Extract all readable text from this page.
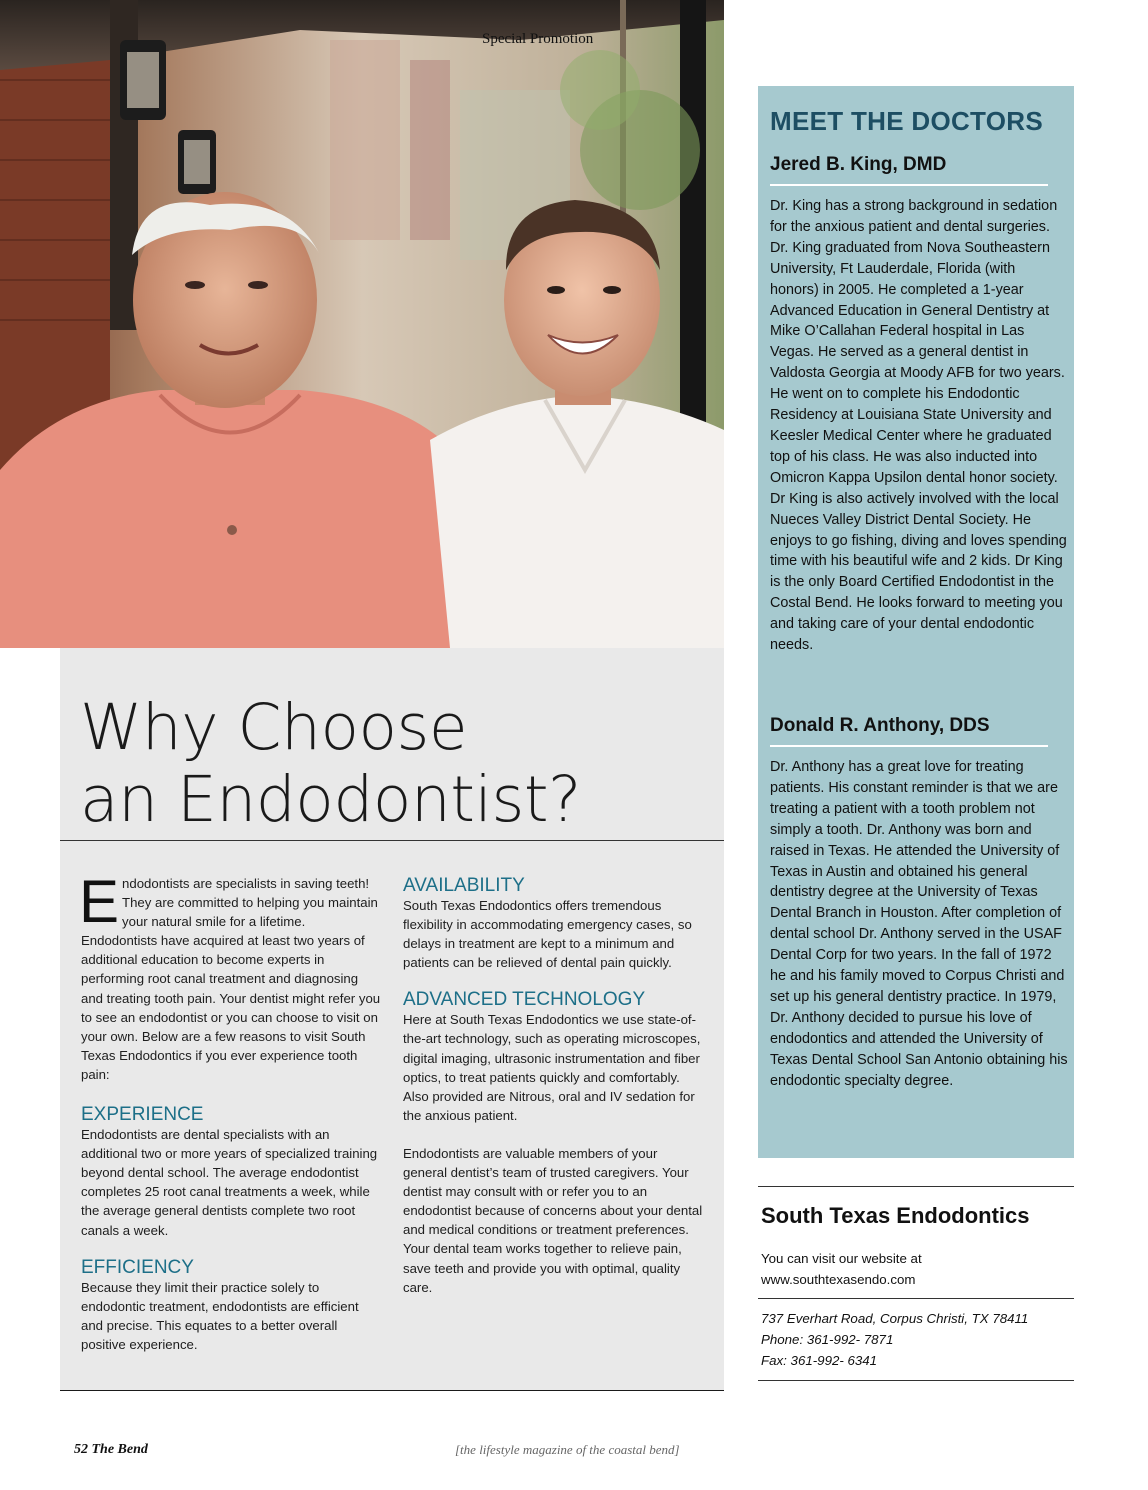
Special Promotion
Why Choose
an Endodontist?

Endodontists are specialists in saving teeth! They are committed to helping you maintain your natural smile for a lifetime. Endodontists have acquired at least two years of additional education to become experts in performing root canal treatment and diagnosing and treating tooth pain. Your dentist might refer you to see an endodontist or you can choose to visit on your own. Below are a few reasons to visit South Texas Endodontics if you ever experience tooth pain:

EXPERIENCE

Endodontists are dental specialists with an additional two or more years of specialized training beyond dental school. The average endodontist completes 25 root canal treatments a week, while the average general dentists complete two root canals a week.

EFFICIENCY

Because they limit their practice solely to endodontic treatment, endodontists are efficient and precise. This equates to a better overall positive experience.

AVAILABILITY

South Texas Endodontics offers tremendous flexibility in accommodating emergency cases, so delays in treatment are kept to a minimum and patients can be relieved of dental pain quickly.

ADVANCED TECHNOLOGY

Here at South Texas Endodontics we use state-of-the-art technology, such as operating microscopes, digital imaging, ultrasonic instrumentation and fiber optics, to treat patients quickly and comfortably. Also provided are Nitrous, oral and IV sedation for the anxious patient.

Endodontists are valuable members of your general dentist’s team of trusted caregivers. Your dentist may consult with or refer you to an endodontist because of concerns about your dental and medical conditions or treatment preferences. Your dental team works together to relieve pain, save teeth and provide you with optimal, quality care.

MEET THE DOCTORS
Jered B. King, DMD

Dr. King has a strong background in sedation for the anxious patient and dental surgeries. Dr. King graduated from Nova Southeastern University, Ft Lauderdale, Florida (with honors) in 2005. He completed a 1-year Advanced Education in General Dentistry at Mike O’Callahan Federal hospital in Las Vegas. He served as a general dentist in Valdosta Georgia at Moody AFB for two years. He went on to complete his Endodontic Residency at Louisiana State University and Keesler Medical Center where he graduated top of his class. He was also inducted into Omicron Kappa Upsilon dental honor society. Dr King is also actively involved with the local Nueces Valley District Dental Society. He enjoys to go fishing, diving and loves spending time with his beautiful wife and 2 kids. Dr King is the only Board Certified Endodontist in the Costal Bend. He looks forward to meeting you and taking care of your dental endodontic needs.

Donald R. Anthony, DDS

Dr. Anthony has a great love for treating patients. His constant reminder is that we are treating a patient with a tooth problem not simply a tooth. Dr. Anthony was born and raised in Texas. He attended the University of Texas in Austin and obtained his general dentistry degree at the University of Texas Dental Branch in Houston. After completion of dental school Dr. Anthony served in the USAF Dental Corp for two years. In the fall of 1972 he and his family moved to Corpus Christi and set up his general dentistry practice. In 1979, Dr. Anthony decided to pursue his love of endodontics and attended the University of Texas Dental School San Antonio obtaining his endodontic specialty degree.

South Texas Endodontics
You can visit our website at
www.southtexasendo.com
737 Everhart Road, Corpus Christi, TX 78411
Phone: 361-992- 7871
Fax: 361-992- 6341
52 The Bend	[the lifestyle magazine of the coastal bend]
